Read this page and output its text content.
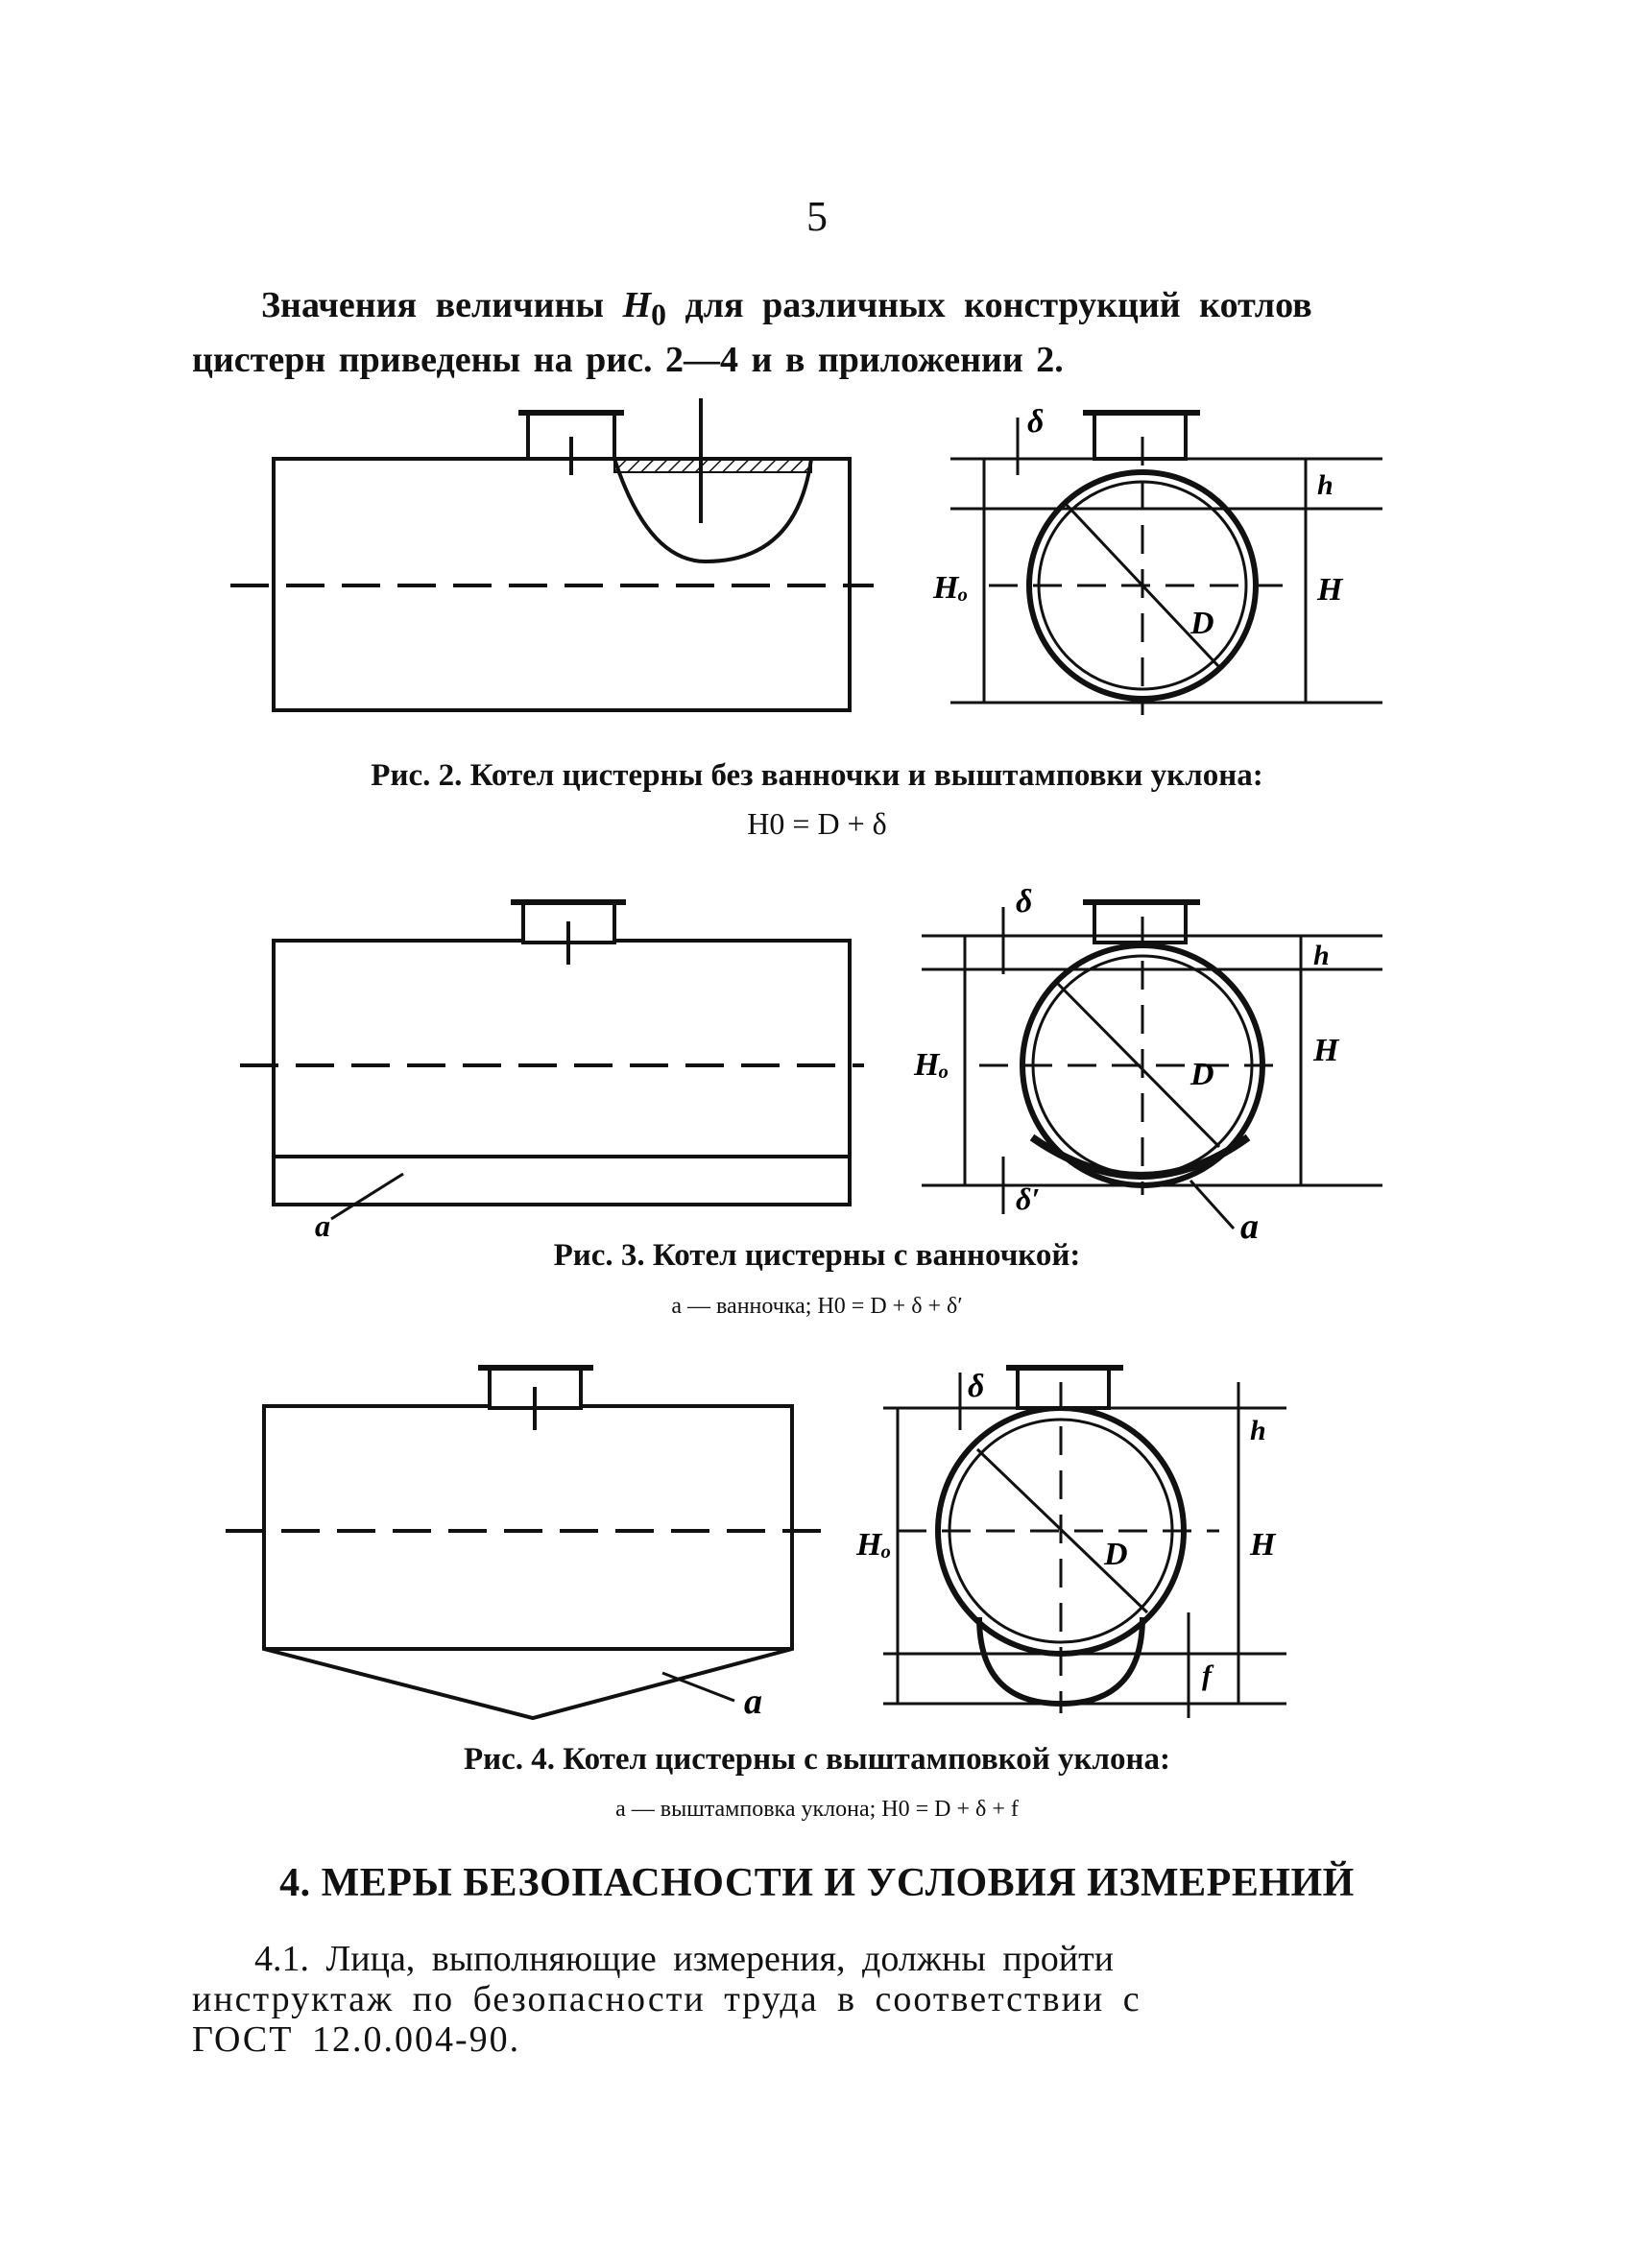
5
Значения величины $H_0$ для различных конструкций котлов
цистерн приведены на рис. 2—4 и в приложении 2.
δ
h
Hₒ	H
D
Рис. 2. Котел цистерны без ванночки и выштамповки уклона:
H0 = D + δ
δ
h
Hₒ	H
D
δ′
a	a
Рис. 3. Котел цистерны с ванночкой:
а — ванночка; H0 = D + δ + δ′
δ
h
Hₒ	H
D
f
a
Рис. 4. Котел цистерны с выштамповкой уклона:
а — выштамповка уклона; H0 = D + δ + f
4. МЕРЫ БЕЗОПАСНОСТИ И УСЛОВИЯ ИЗМЕРЕНИЙ
4.1. Лица, выполняющие измерения, должны пройти
инструктаж по безопасности труда в соответствии с
ГОСТ 12.0.004-90.
